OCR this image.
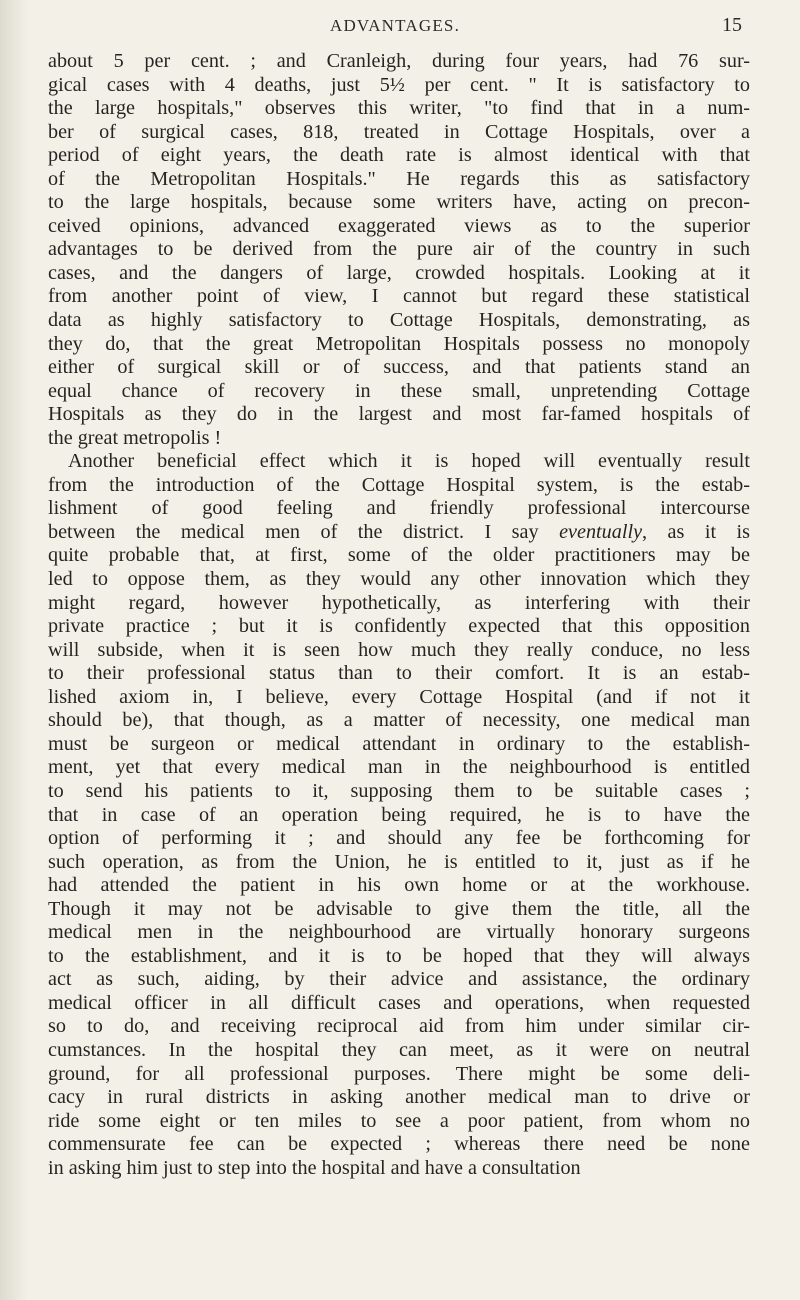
ADVANTAGES.	15
about 5 per cent. ; and Cranleigh, during four years, had 76 sur-
gical cases with 4 deaths, just 5½ per cent. " It is satisfactory to
the large hospitals," observes this writer, "to find that in a num-
ber of surgical cases, 818, treated in Cottage Hospitals, over a
period of eight years, the death rate is almost identical with that
of the Metropolitan Hospitals." He regards this as satisfactory
to the large hospitals, because some writers have, acting on precon-
ceived opinions, advanced exaggerated views as to the superior
advantages to be derived from the pure air of the country in such
cases, and the dangers of large, crowded hospitals. Looking at it
from another point of view, I cannot but regard these statistical
data as highly satisfactory to Cottage Hospitals, demonstrating, as
they do, that the great Metropolitan Hospitals possess no monopoly
either of surgical skill or of success, and that patients stand an
equal chance of recovery in these small, unpretending Cottage
Hospitals as they do in the largest and most far-famed hospitals of
the great metropolis !
Another beneficial effect which it is hoped will eventually result
from the introduction of the Cottage Hospital system, is the estab-
lishment of good feeling and friendly professional intercourse
between the medical men of the district. I say eventually, as it is
quite probable that, at first, some of the older practitioners may be
led to oppose them, as they would any other innovation which they
might regard, however hypothetically, as interfering with their
private practice ; but it is confidently expected that this opposition
will subside, when it is seen how much they really conduce, no less
to their professional status than to their comfort. It is an estab-
lished axiom in, I believe, every Cottage Hospital (and if not it
should be), that though, as a matter of necessity, one medical man
must be surgeon or medical attendant in ordinary to the establish-
ment, yet that every medical man in the neighbourhood is entitled
to send his patients to it, supposing them to be suitable cases ;
that in case of an operation being required, he is to have the
option of performing it ; and should any fee be forthcoming for
such operation, as from the Union, he is entitled to it, just as if he
had attended the patient in his own home or at the workhouse.
Though it may not be advisable to give them the title, all the
medical men in the neighbourhood are virtually honorary surgeons
to the establishment, and it is to be hoped that they will always
act as such, aiding, by their advice and assistance, the ordinary
medical officer in all difficult cases and operations, when requested
so to do, and receiving reciprocal aid from him under similar cir-
cumstances. In the hospital they can meet, as it were on neutral
ground, for all professional purposes. There might be some deli-
cacy in rural districts in asking another medical man to drive or
ride some eight or ten miles to see a poor patient, from whom no
commensurate fee can be expected ; whereas there need be none
in asking him just to step into the hospital and have a consultation
